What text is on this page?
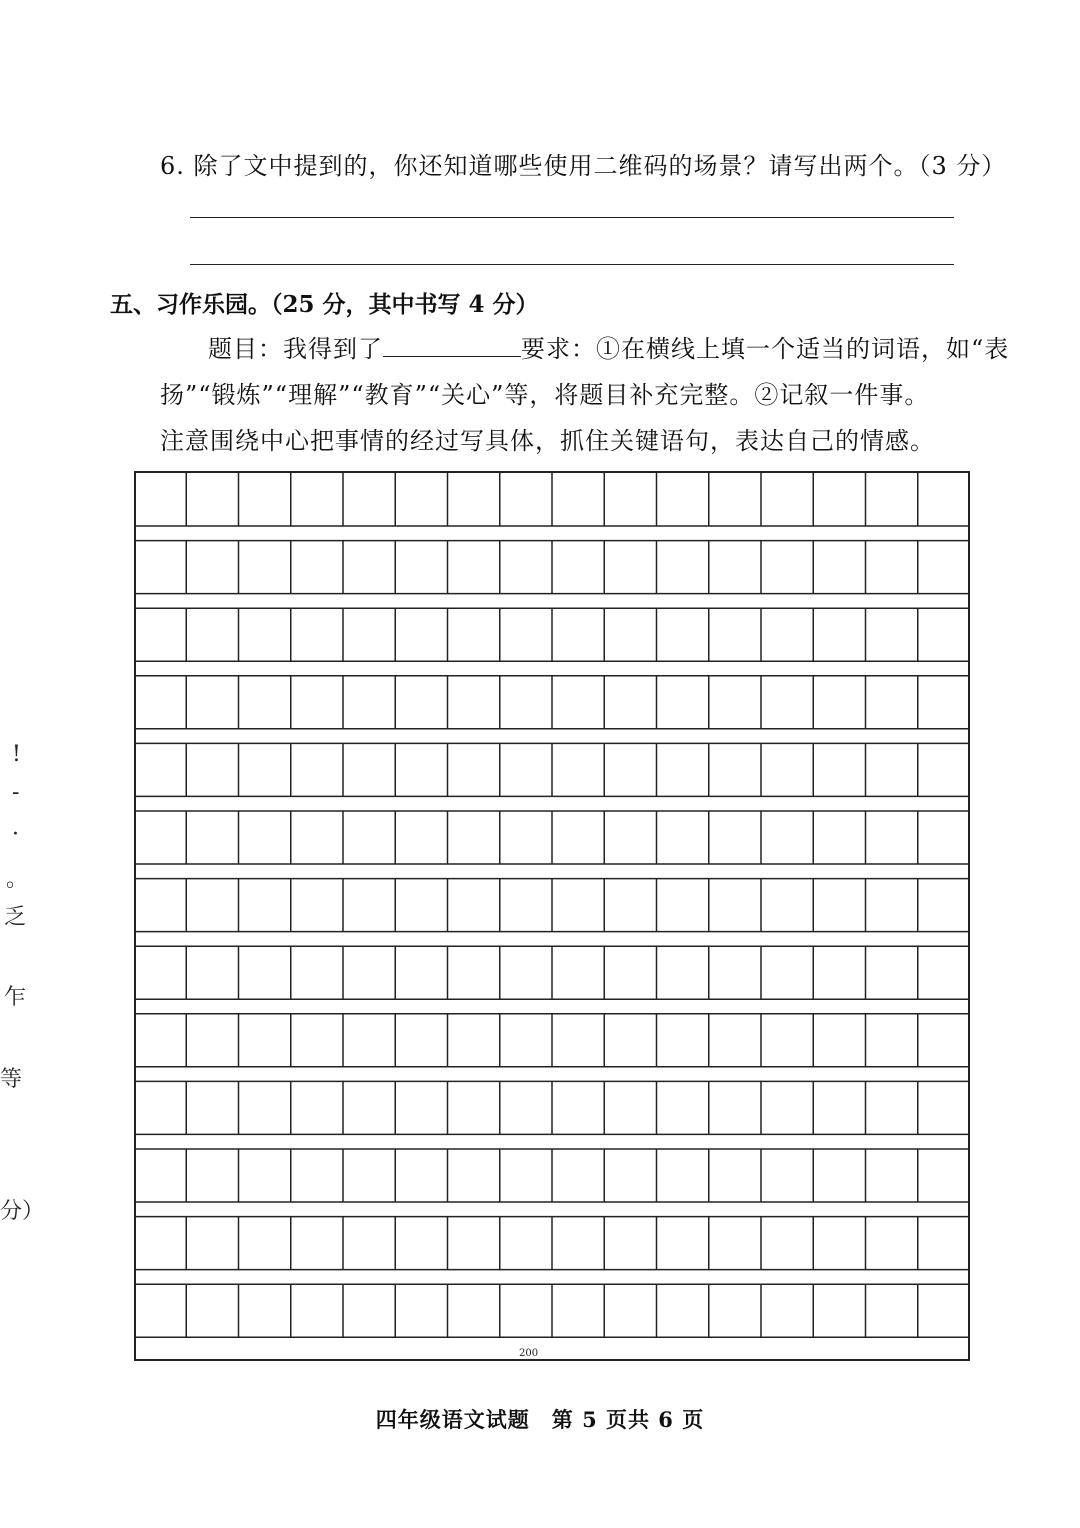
6. 除了文中提到的，你还知道哪些使用二维码的场景？请写出两个。（3 分）
五、习作乐园。（25 分，其中书写 4 分）
题目：我得到了	要求：①在横线上填一个适当的词语，如“表
扬”“锻炼”“理解”“教育”“关心”等，将题目补充完整。②记叙一件事。
注意围绕中心把事情的经过写具体，抓住关键语句，表达自己的情感。
!
-
·
。
乏
乍
等
分）
200
四年级语文试题　第 5 页共 6 页
